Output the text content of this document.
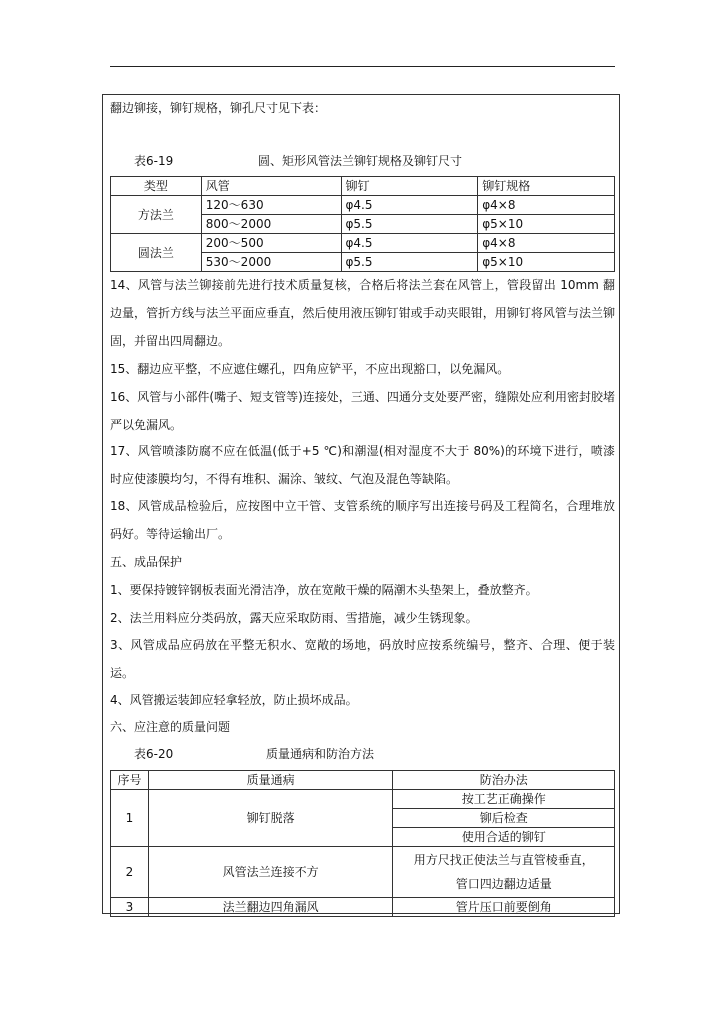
翻边铆接，铆钉规格，铆孔尺寸见下表：
表6-19	圆、矩形风管法兰铆钉规格及铆钉尺寸
类型	风管	铆钉	铆钉规格
方法兰	120～630	φ4.5	φ4×8
	800～2000	φ5.5	φ5×10
圆法兰	200～500	φ4.5	φ4×8
	530～2000	φ5.5	φ5×10
14、风管与法兰铆接前先进行技术质量复核，合格后将法兰套在风管上，管段留出 10mm 翻边量，管折方线与法兰平面应垂直，然后使用液压铆钉钳或手动夹眼钳，用铆钉将风管与法兰铆固，并留出四周翻边。
15、翻边应平整，不应遮住螺孔，四角应铲平，不应出现豁口，以免漏风。
16、风管与小部件(嘴子、短支管等)连接处，三通、四通分支处要严密，缝隙处应利用密封胶堵严以免漏风。
17、风管喷漆防腐不应在低温(低于+5 ℃)和潮湿(相对湿度不大于 80%)的环境下进行，喷漆时应使漆膜均匀，不得有堆积、漏涂、皱纹、气泡及混色等缺陷。
18、风管成品检验后，应按图中立干管、支管系统的顺序写出连接号码及工程简名，合理堆放码好。等待运输出厂。
五、成品保护
1、要保持镀锌钢板表面光滑洁净，放在宽敞干燥的隔潮木头垫架上，叠放整齐。
2、法兰用料应分类码放，露天应采取防雨、雪措施，减少生锈现象。
3、风管成品应码放在平整无积水、宽敞的场地，码放时应按系统编号，整齐、合理、便于装运。
4、风管搬运装卸应轻拿轻放，防止损坏成品。
六、应注意的质量问题
表6-20	质量通病和防治方法
序号	质量通病	防治办法
1	铆钉脱落	按工艺正确操作
		铆后检查
		使用合适的铆钉
2	风管法兰连接不方	用方尺找正使法兰与直管棱垂直，
管口四边翻边适量
3	法兰翻边四角漏风	管片压口前要倒角
